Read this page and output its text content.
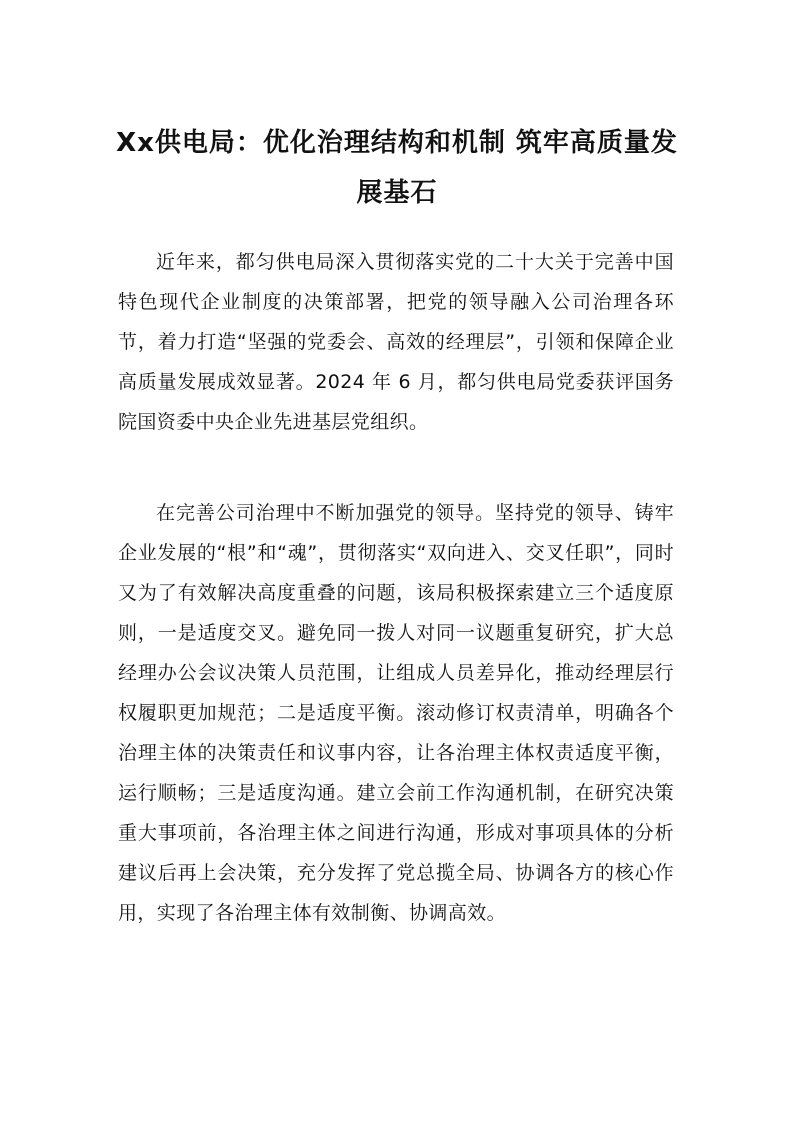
Xx供电局：优化治理结构和机制 筑牢高质量发展基石

近年来，都匀供电局深入贯彻落实党的二十大关于完善中国特色现代企业制度的决策部署，把党的领导融入公司治理各环节，着力打造“坚强的党委会、高效的经理层”，引领和保障企业高质量发展成效显著。2024 年 6 月，都匀供电局党委获评国务院国资委中央企业先进基层党组织。

在完善公司治理中不断加强党的领导。坚持党的领导、铸牢企业发展的“根”和“魂”，贯彻落实“双向进入、交叉任职”，同时又为了有效解决高度重叠的问题，该局积极探索建立三个适度原则，一是适度交叉。避免同一拨人对同一议题重复研究，扩大总经理办公会议决策人员范围，让组成人员差异化，推动经理层行权履职更加规范；二是适度平衡。滚动修订权责清单，明确各个治理主体的决策责任和议事内容，让各治理主体权责适度平衡，运行顺畅；三是适度沟通。建立会前工作沟通机制，在研究决策重大事项前，各治理主体之间进行沟通，形成对事项具体的分析建议后再上会决策，充分发挥了党总揽全局、协调各方的核心作用，实现了各治理主体有效制衡、协调高效。
